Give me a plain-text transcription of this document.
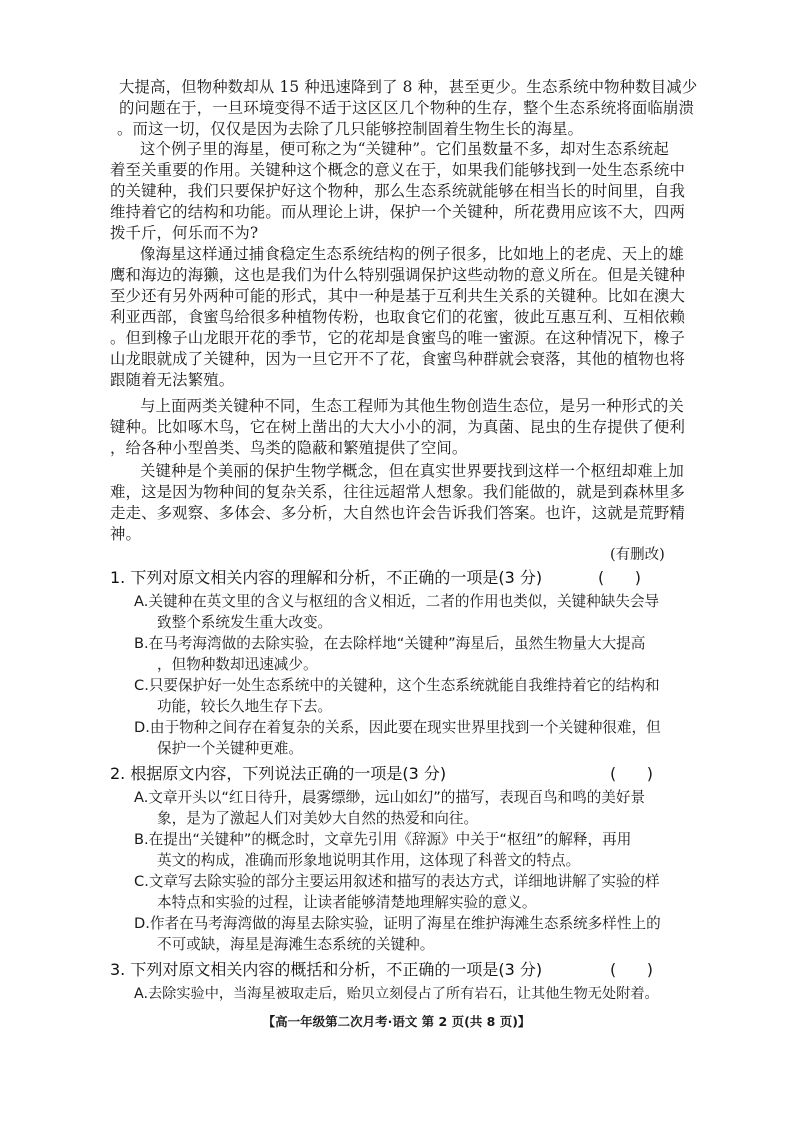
大提高，但物种数却从 15 种迅速降到了 8 种，甚至更少。生态系统中物种数目减少
的问题在于，一旦环境变得不适于这区区几个物种的生存，整个生态系统将面临崩溃
。而这一切，仅仅是因为去除了几只能够控制固着生物生长的海星。
这个例子里的海星，便可称之为“关键种”。它们虽数量不多，却对生态系统起
着至关重要的作用。关键种这个概念的意义在于，如果我们能够找到一处生态系统中
的关键种，我们只要保护好这个物种，那么生态系统就能够在相当长的时间里，自我
维持着它的结构和功能。而从理论上讲，保护一个关键种，所花费用应该不大，四两
拨千斤，何乐而不为?
像海星这样通过捕食稳定生态系统结构的例子很多，比如地上的老虎、天上的雄
鹰和海边的海獭，这也是我们为什么特别强调保护这些动物的意义所在。但是关键种
至少还有另外两种可能的形式，其中一种是基于互利共生关系的关键种。比如在澳大
利亚西部，食蜜鸟给很多种植物传粉，也取食它们的花蜜，彼此互惠互利、互相依赖
。但到橡子山龙眼开花的季节，它的花却是食蜜鸟的唯一蜜源。在这种情况下，橡子
山龙眼就成了关键种，因为一旦它开不了花，食蜜鸟种群就会衰落，其他的植物也将
跟随着无法繁殖。
与上面两类关键种不同，生态工程师为其他生物创造生态位，是另一种形式的关
键种。比如啄木鸟，它在树上凿出的大大小小的洞，为真菌、昆虫的生存提供了便利
，给各种小型兽类、鸟类的隐蔽和繁殖提供了空间。
关键种是个美丽的保护生物学概念，但在真实世界要找到这样一个枢纽却难上加
难，这是因为物种间的复杂关系，往往远超常人想象。我们能做的，就是到森林里多
走走、多观察、多体会、多分析，大自然也许会告诉我们答案。也许，这就是荒野精
神。
(有删改)
1. 下列对原文相关内容的理解和分析，不正确的一项是(3 分)	(      )
A.关键种在英文里的含义与枢纽的含义相近，二者的作用也类似，关键种缺失会导
致整个系统发生重大改变。
B.在马考海湾做的去除实验，在去除样地“关键种”海星后，虽然生物量大大提高
，但物种数却迅速减少。
C.只要保护好一处生态系统中的关键种，这个生态系统就能自我维持着它的结构和
功能，较长久地生存下去。
D.由于物种之间存在着复杂的关系，因此要在现实世界里找到一个关键种很难，但
保护一个关键种更难。
2. 根据原文内容，下列说法正确的一项是(3 分)	(      )
A.文章开头以“红日待升，晨雾缥缈，远山如幻”的描写，表现百鸟和鸣的美好景
象，是为了激起人们对美妙大自然的热爱和向往。
B.在提出“关键种”的概念时，文章先引用《辞源》中关于“枢纽”的解释，再用
英文的构成，准确而形象地说明其作用，这体现了科普文的特点。
C.文章写去除实验的部分主要运用叙述和描写的表达方式，详细地讲解了实验的样
本特点和实验的过程，让读者能够清楚地理解实验的意义。
D.作者在马考海湾做的海星去除实验，证明了海星在维护海滩生态系统多样性上的
不可或缺，海星是海滩生态系统的关键种。
3. 下列对原文相关内容的概括和分析，不正确的一项是(3 分)	(      )
A.去除实验中，当海星被取走后，贻贝立刻侵占了所有岩石，让其他生物无处附着。
【高一年级第二次月考·语文 第 2 页(共 8 页)】
